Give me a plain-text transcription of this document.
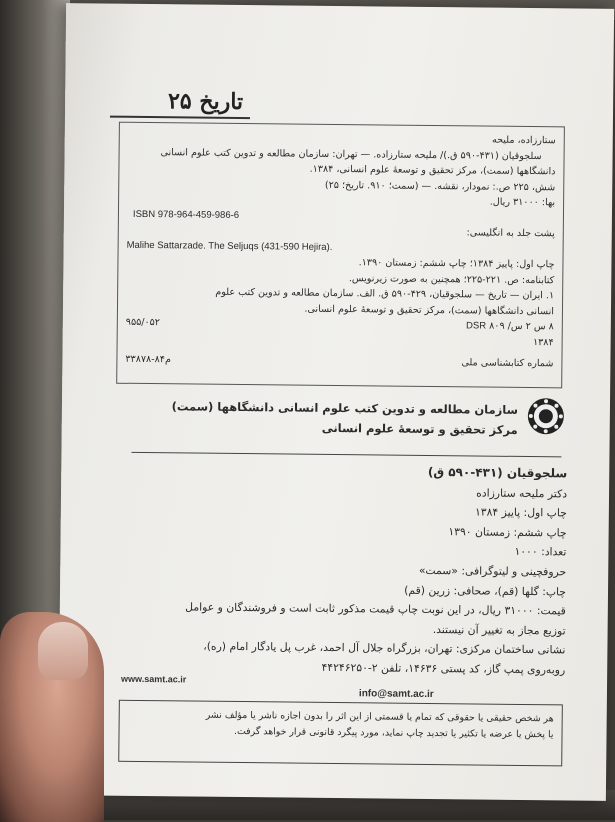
تاریخ ۲۵

ستارزاده، ملیحه

سلجوقیان (۴۳۱-۵۹۰ ق.)/ ملیحه ستارزاده. — تهران: سازمان مطالعه و تدوین کتب علوم انسانی

دانشگاهها (سمت)، مرکز تحقیق و توسعهٔ علوم انسانی، ۱۳۸۴.

شش، ۲۲۵ ص.: نمودار، نقشه. — (سمت؛ ۹۱۰. تاریخ؛ ۲۵)

بها: ۳۱۰۰۰ ریال.

ISBN 978-964-459-986-6

پشت جلد به انگلیسی:

Malihe Sattarzade. The Seljuqs (431-590 Hejira).

چاپ اول: پاییز ۱۳۸۴؛ چاپ ششم: زمستان ۱۳۹۰.

کتابنامه: ص. ۲۲۱-۲۲۵؛ همچنین به صورت زیرنویس.

۱. ایران — تاریخ — سلجوقیان، ۴۲۹-۵۹۰ ق. الف. سازمان مطالعه و تدوین کتب علوم

انسانی دانشگاهها (سمت)، مرکز تحقیق و توسعهٔ علوم انسانی.

۸ س ۲ س/ ۸۰۹ DSR
۹۵۵/۰۵۲

۱۳۸۴

شماره کتابشناسی ملی
م۸۴-۳۳۸۷۸
سازمان مطالعه و تدوین کتب علوم انسانی دانشگاهها (سمت)
مرکز تحقیق و توسعهٔ علوم انسانی

سلجوقیان (۴۳۱-۵۹۰ ق)

دکتر ملیحه ستارزاده

چاپ اول: پاییز ۱۳۸۴

چاپ ششم: زمستان ۱۳۹۰

تعداد: ۱۰۰۰

حروفچینی و لیتوگرافی: «سمت»

چاپ: گلها (قم)، صحافی: زرین (قم)

قیمت: ۳۱۰۰۰ ریال، در این نوبت چاپ قیمت مذکور ثابت است و فروشندگان و عوامل

توزیع مجاز به تغییر آن نیستند.

نشانی ساختمان مرکزی: تهران، بزرگراه جلال آل احمد، غرب پل یادگار امام (ره)،

روبه‌روی پمپ گاز، کد پستی ۱۴۶۳۶، تلفن ۲-۴۴۲۴۶۲۵۰

www.samt.ac.ir
info@samt.ac.ir

هر شخص حقیقی یا حقوقی که تمام یا قسمتی از این اثر را بدون اجازه ناشر یا مؤلف نشر

یا پخش یا عرضه یا تکثیر یا تجدید چاپ نماید، مورد پیگرد قانونی قرار خواهد گرفت.
